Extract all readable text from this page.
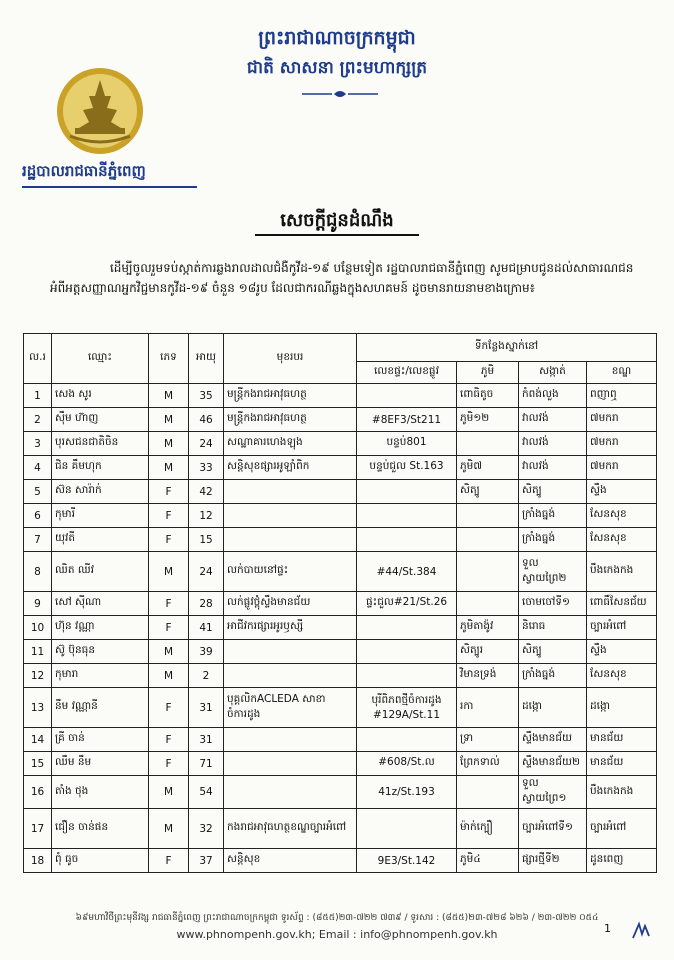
ព្រះរាជាណាចក្រកម្ពុជា
ជាតិ សាសនា ព្រះមហាក្សត្រ
រដ្ឋបាលរាជធានីភ្នំពេញ
សេចក្ដីជូនដំណឹង
ដើម្បីចូលរួមទប់ស្កាត់ការឆ្លងរាលដាលជំងឺកូវីដ-១៩ បន្ថែមទៀត រដ្ឋបាលរាជធានីភ្នំពេញ សូមជម្រាបជូនដល់សាធារណជនអំពីអត្តសញ្ញាណអ្នកវិជ្ជមានកូវីដ-១៩ ចំនួន ១៨រូប ដែលជាករណីឆ្លងក្នុងសហគមន៍ ដូចមានរាយនាមខាងក្រោម៖
ល.រ	ឈ្មោះ	ភេទ	អាយុ	មុខរបរ	ទីកន្លែងស្នាក់នៅ			
					លេខផ្ទះ/លេខផ្លូវ	ភូមិ	សង្កាត់	ខណ្ឌ
1	សេង សូរ	M	35	មន្ត្រីកងរាជអាវុធហត្ថ		ពោធិតូច	កំពង់លួង	ពញាឮ
2	ស៊ឹម ហ៊ាញ	M	46	មន្ត្រីកងរាជអាវុធហត្ថ	#8EF3/St211	ភូមិ១២	វាលវង់	៧មករា
3	បុរសជនជាតិចិន	M	24	សណ្ឋាគារហេងឡុង	បន្ទប់801		វាលវង់	៧មករា
4	ជិន គឹមហុក	M	33	សន្តិសុខផ្សារអូឡាំពិក	បន្ទប់ជួល St.163	ភូមិ៧	វាលវង់	៧មករា
5	ស៊ន សារ៉ាក់	F	42			សិត្បូ	សិត្បូ	ស្ទឹង
6	កុមារី	F	12				ក្រាំងធ្នង់	សែនសុខ
7	យុវតី	F	15				ក្រាំងធ្នង់	សែនសុខ
8	ឈិត ឈីវ	M	24	លក់បាយនៅផ្ទះ	#44/St.384		ទួលស្វាយព្រៃ២	បឹងកេងកង
9	សៅ ស៊ីណា	F	28	លក់ផ្លូវថ្ពុំស្ទឹងមានជ័យ	ផ្ទះជួល#21/St.26		ចោមចៅទី១	ពោធិ៍សែនជ័យ
10	ហ៊ុន វណ្ណា	F	41	អាជីវករផ្សារអូរឫស្សី		ភូមិតាង៉ូវ	និរោធ	ច្បារអំពៅ
11	ស៊ូ ប៊ុនធុន	M	39			សិត្បូរ	សិត្បូ	ស្ទឹង
12	កុមារា	M	2			វិមានទ្រង់	ក្រាំងធ្នង់	សែនសុខ
13	នឹម វណ្ណានី	F	31	បុគ្គលិកACLEDA សាខាចំការដូង	បុរីពិភពថ្មីចំការដូង #129A/St.11	រកា	ដង្កោ	ដង្កោ
14	គ្រី ចាន់	F	31			ទ្រា	ស្ទឹងមានជ័យ	មានជ័យ
15	ឈឹម នឹម	F	71		#608/St.ល	ព្រែកទាល់	ស្ទឹងមានជ័យ២	មានជ័យ
16	តាំង ថុង	M	54		41z/St.193		ទួលស្វាយព្រៃ១	បឹងកេងកង
17	ជឿន ចាន់ផន	M	32	កងរាជអាវុធហត្ថខណ្ឌច្បារអំពៅ		ម៉ាក់ក្បឿ	ច្បារអំពៅទី១	ច្បារអំពៅ
18	ពុំ ធូច	F	37	សន្តិសុខ	9E3/St.142	ភូមិ៤	ផ្សារថ្មីទី២	ដូនពេញ
៦៩មហាវិថីព្រះមុនីវង្ស រាជធានីភ្នំពេញ ព្រះរាជាណាចក្រកម្ពុជា ទូរស័ព្ទ : (៨៥៥)២៣-៧២២ ៧៣៩ / ទូរសារ : (៨៥៥)២៣-៧២៨ ៦២៦ / ២៣-៧២២ ០៥៤
www.phnompenh.gov.kh; Email : info@phnompenh.gov.kh	1
